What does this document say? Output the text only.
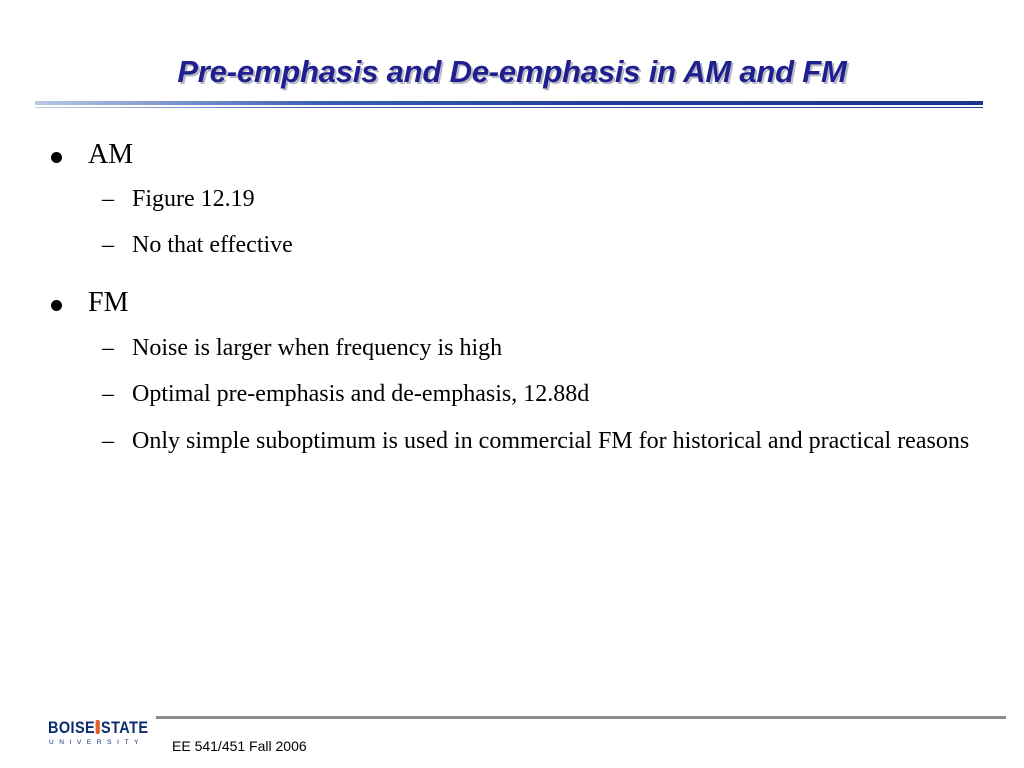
Pre-emphasis and De-emphasis in AM and FM
AM
– Figure 12.19
– No that effective
FM
– Noise is larger when frequency is high
– Optimal pre-emphasis and de-emphasis, 12.88d
– Only simple suboptimum is used in commercial FM for historical and practical reasons
BOISE STATE
UNIVERSITY EE 541/451 Fall 2006
